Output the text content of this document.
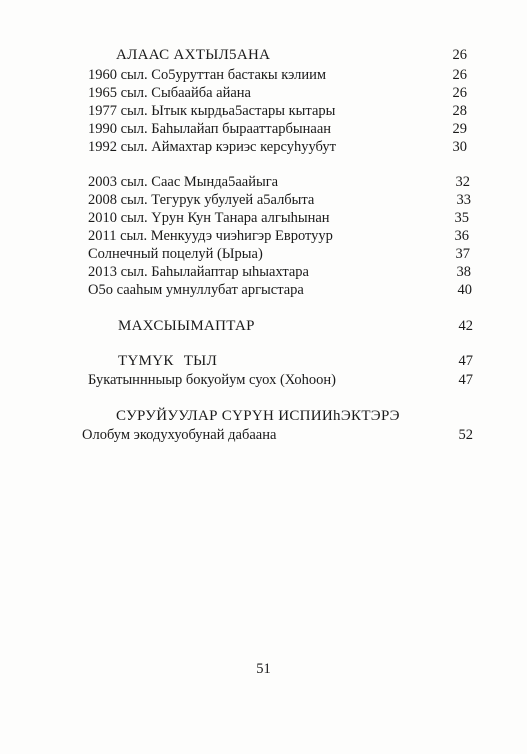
АЛААС АХТЫЛ5АНА	26
1960 сыл. Со5уруттан бастакы кэлиим	26
1965 сыл. Сыбаайба айана	26
1977 сыл. Ытык кырдьа5астары кытары	28
1990 сыл. Баhылайап бырааттарбынаан	29
1992 сыл. Аймахтар кэриэс керсуhуубут	30
2003 сыл. Саас Мында5аайыга	32
2008 сыл. Тегурук убулуей а5албыта	33
2010 сыл. Үрун Кун Танара алгыhынан	35
2011 сыл. Менкуудэ чиэhигэр Евротуур	36
Солнечный поцелуй (Ырыа)	37
2013 сыл. Баhылайаптар ыhыахтара	38
О5о сааhым умнуллубат аргыстара	40
МАХСЫЫМАПТАР	42
ТҮМҮК ТЫЛ	47
Букатыннныыр бокуойум суох (Хоhоон)	47
СУРУЙУУЛАР СҮРҮН ИСПИИhЭКТЭРЭ
Олобум экодухуобунай дабаана	52
51
